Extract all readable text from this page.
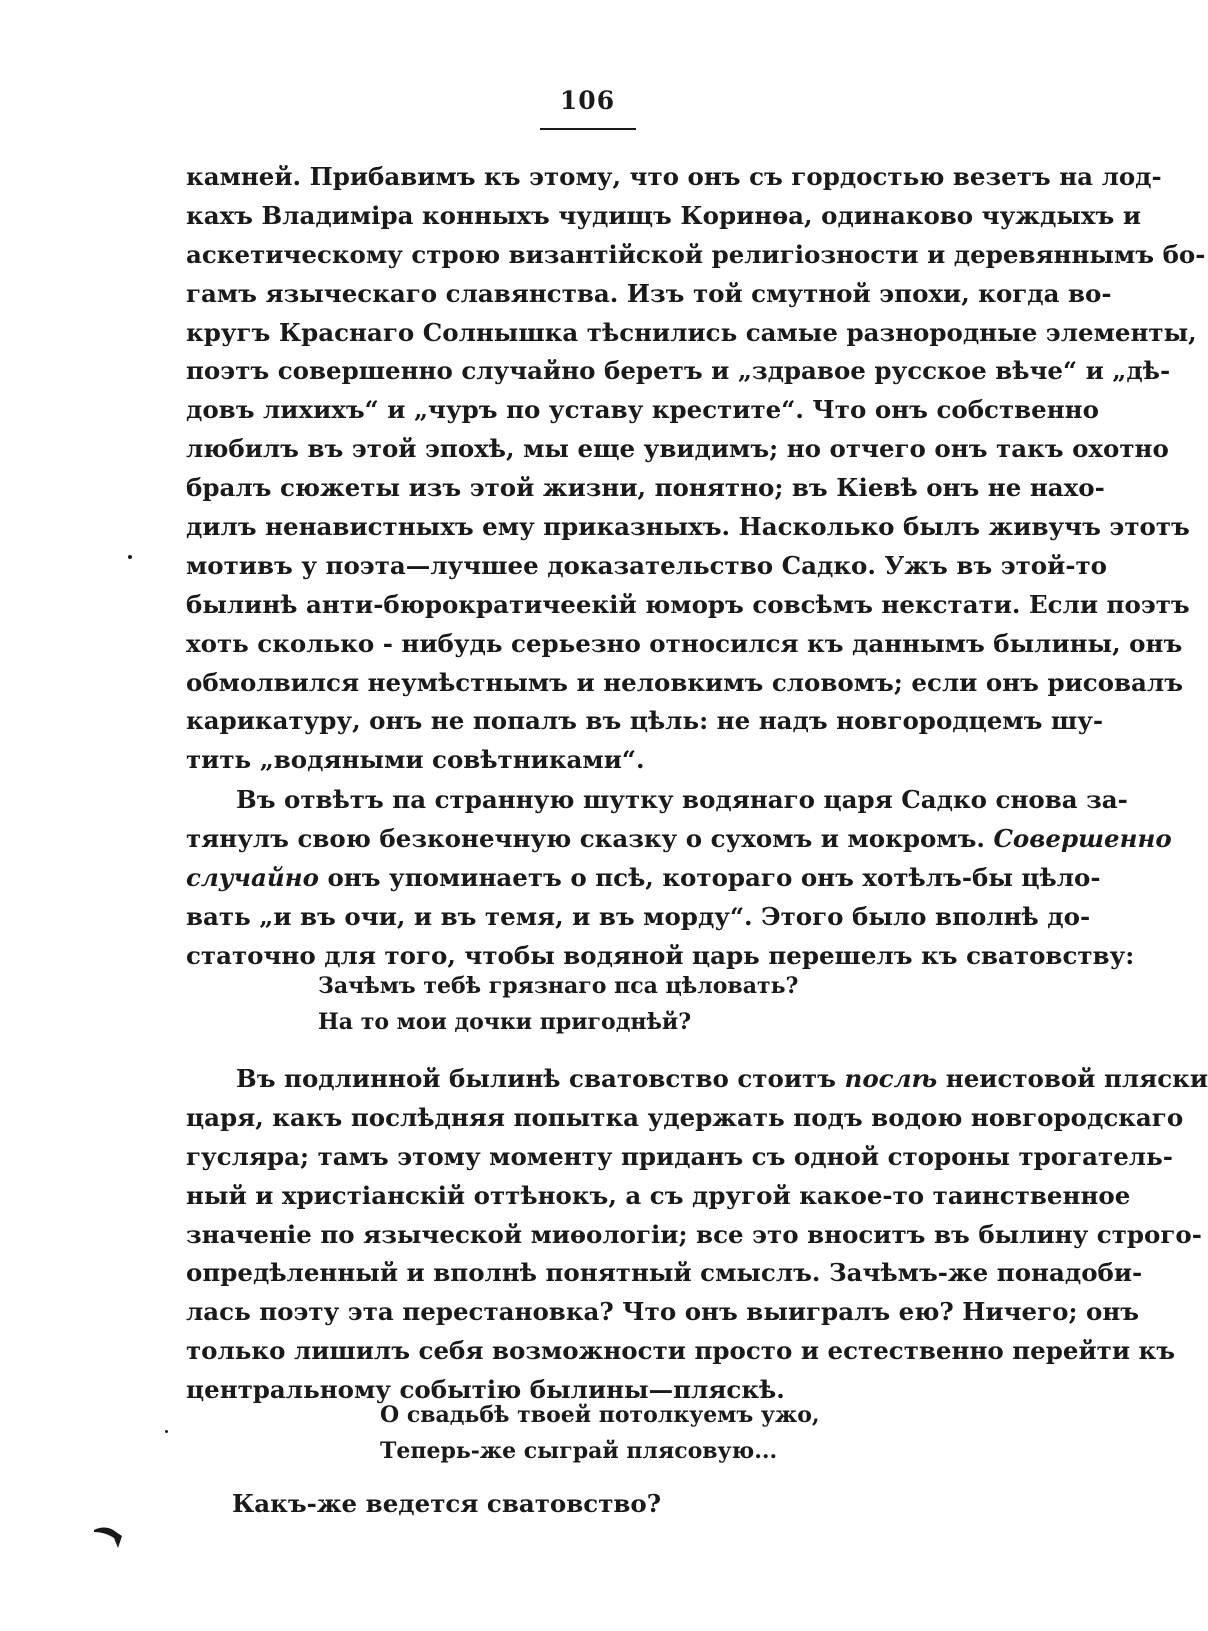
106
камней. Прибавимъ къ этому, что онъ съ гордостью везетъ на лод-
кахъ Владиміра конныхъ чудищъ Коринѳа, одинаково чуждыхъ и
аскетическому строю византійской религіозности и деревяннымъ бо-
гамъ языческаго славянства. Изъ той смутной эпохи, когда во-
кругъ Краснаго Солнышка тѣснились самые разнородные элементы,
поэтъ совершенно случайно беретъ и „здравое русское вѣче“ и „дѣ-
довъ лихихъ“ и „чуръ по уставу крестите“. Что онъ собственно
любилъ въ этой эпохѣ, мы еще увидимъ; но отчего онъ такъ охотно
бралъ сюжеты изъ этой жизни, понятно; въ Кіевѣ онъ не нахо-
дилъ ненавистныхъ ему приказныхъ. Насколько былъ живучъ этотъ
мотивъ у поэта—лучшее доказательство Садко. Ужъ въ этой-то
былинѣ анти-бюрократичеекій юморъ совсѣмъ некстати. Если поэтъ
хоть сколько - нибудь серьезно относился къ даннымъ былины, онъ
обмолвился неумѣстнымъ и неловкимъ словомъ; если онъ рисовалъ
карикатуру, онъ не попалъ въ цѣль: не надъ новгородцемъ шу-
тить „водяными совѣтниками“.
Въ отвѣтъ па странную шутку водянаго царя Садко снова за-
тянулъ свою безконечную сказку о сухомъ и мокромъ. Совершенно
случайно онъ упоминаетъ о псѣ, котораго онъ хотѣлъ-бы цѣло-
вать „и въ очи, и въ темя, и въ морду“. Этого было вполнѣ до-
статочно для того, чтобы водяной царь перешелъ къ сватовству:
Зачѣмъ тебѣ грязнаго пса цѣловать?
На то мои дочки пригоднѣй?
Въ подлинной былинѣ сватовство стоитъ послѣ неистовой пляски
царя, какъ послѣдняя попытка удержать подъ водою новгородскаго
гусляра; тамъ этому моменту приданъ съ одной стороны трогатель-
ный и христіанскій оттѣнокъ, а съ другой какое-то таинственное
значеніе по языческой миѳологіи; все это вноситъ въ былину строго-
опредѣленный и вполнѣ понятный смыслъ. Зачѣмъ-же понадоби-
лась поэту эта перестановка? Что онъ выигралъ ею? Ничего; онъ
только лишилъ себя возможности просто и естественно перейти къ
центральному событію былины—пляскѣ.
О свадьбѣ твоей потолкуемъ ужо,
Теперь-же сыграй плясовую...
Какъ-же ведется сватовство?
